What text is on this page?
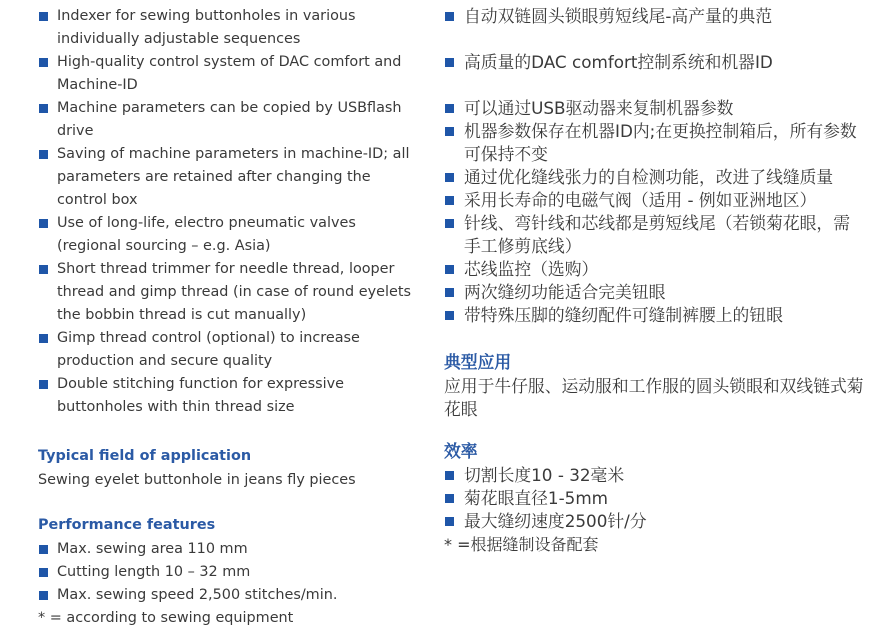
Indexer for sewing buttonholes in various individually adjustable sequences
High-quality control system of DAC comfort and Machine-ID
Machine parameters can be copied by USBflash drive
Saving of machine parameters in machine-ID; all parameters are retained after changing the control box
Use of long-life, electro pneumatic valves (regional sourcing – e.g. Asia)
Short thread trimmer for needle thread, looper thread and gimp thread (in case of round eyelets the bobbin thread is cut manually)
Gimp thread control (optional) to increase production and secure quality
Double stitching function for expressive buttonholes with thin thread size
Typical field of application

Sewing eyelet buttonhole in jeans fly pieces

Performance features
Max. sewing area 110 mm
Cutting length 10 – 32 mm
Max. sewing speed 2,500 stitches/min.

* = according to sewing equipment

自动双链圆头锁眼剪短线尾-高产量的典范
高质量的DAC comfort控制系统和机器ID
可以通过USB驱动器来复制机器参数
机器参数保存在机器ID内;在更换控制箱后，所有参数可保持不变
通过优化缝线张力的自检测功能，改进了线缝质量
采用长寿命的电磁气阀（适用 - 例如亚洲地区）
针线、弯针线和芯线都是剪短线尾（若锁菊花眼，需手工修剪底线）
芯线监控（选购）
两次缝纫功能适合完美钮眼
带特殊压脚的缝纫配件可缝制裤腰上的钮眼
典型应用

应用于牛仔服、运动服和工作服的圆头锁眼和双线链式菊花眼

效率
切割长度10 - 32毫米
菊花眼直径1-5mm
最大缝纫速度2500针/分

* =根据缝制设备配套
